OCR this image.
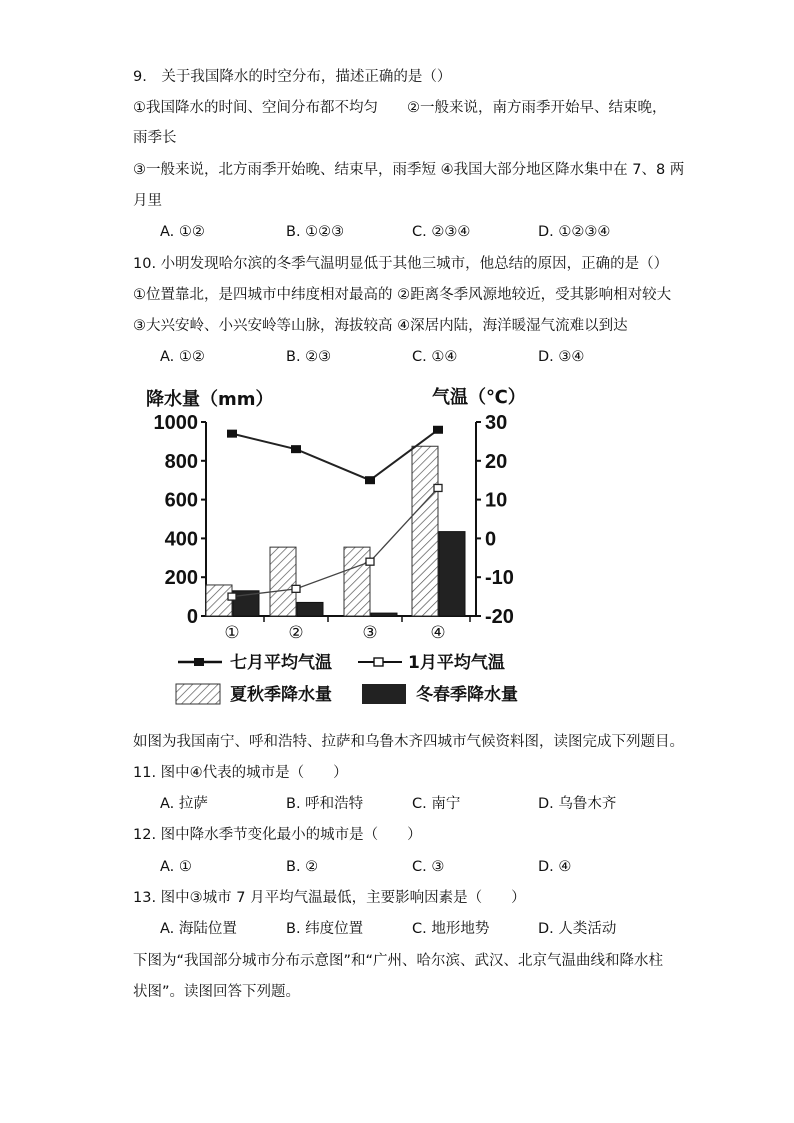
9.　关于我国降水的时空分布，描述正确的是（）
①我国降水的时间、空间分布都不均匀　　②一般来说，南方雨季开始早、结束晚，
雨季长
③一般来说，北方雨季开始晚、结束早，雨季短 ④我国大部分地区降水集中在 7、8 两
月里
A. ①②	B. ①②③	C. ②③④	D. ①②③④
10. 小明发现哈尔滨的冬季气温明显低于其他三城市，他总结的原因，正确的是（）
①位置靠北，是四城市中纬度相对最高的 ②距离冬季风源地较近，受其影响相对较大
③大兴安岭、小兴安岭等山脉，海拔较高 ④深居内陆，海洋暖湿气流难以到达
A. ①②	B. ②③	C. ①④	D. ③④
降水量（mm）	气温（℃）
1000
800
600
400
200
0
30
20
10
0
-10
-20
①	②	③	④
七月平均气温	1月平均气温
夏秋季降水量	冬春季降水量
如图为我国南宁、呼和浩特、拉萨和乌鲁木齐四城市气候资料图，读图完成下列题目。
11. 图中④代表的城市是（　　）
A. 拉萨	B. 呼和浩特	C. 南宁	D. 乌鲁木齐
12. 图中降水季节变化最小的城市是（　　）
A. ①	B. ②	C. ③	D. ④
13. 图中③城市 7 月平均气温最低，主要影响因素是（　　）
A. 海陆位置	B. 纬度位置	C. 地形地势	D. 人类活动
下图为“我国部分城市分布示意图”和“广州、哈尔滨、武汉、北京气温曲线和降水柱
状图”。读图回答下列题。
